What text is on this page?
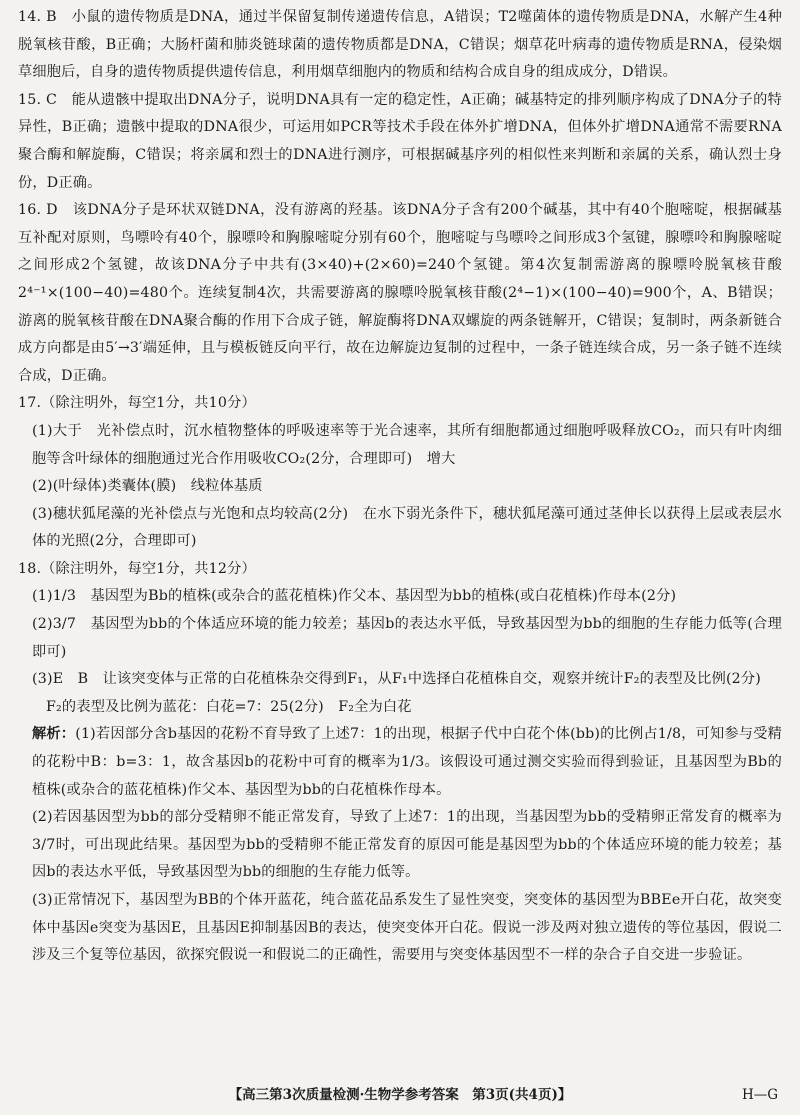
14. B　小鼠的遗传物质是DNA，通过半保留复制传递遗传信息，A错误；T2噬菌体的遗传物质是DNA，水解产生4种脱氧核苷酸，B正确；大肠杆菌和肺炎链球菌的遗传物质都是DNA，C错误；烟草花叶病毒的遗传物质是RNA，侵染烟草细胞后，自身的遗传物质提供遗传信息，利用烟草细胞内的物质和结构合成自身的组成成分，D错误。

15. C　能从遗骸中提取出DNA分子，说明DNA具有一定的稳定性，A正确；碱基特定的排列顺序构成了DNA分子的特异性，B正确；遗骸中提取的DNA很少，可运用如PCR等技术手段在体外扩增DNA，但体外扩增DNA通常不需要RNA聚合酶和解旋酶，C错误；将亲属和烈士的DNA进行测序，可根据碱基序列的相似性来判断和亲属的关系，确认烈士身份，D正确。

16. D　该DNA分子是环状双链DNA，没有游离的羟基。该DNA分子含有200个碱基，其中有40个胞嘧啶，根据碱基互补配对原则，鸟嘌呤有40个，腺嘌呤和胸腺嘧啶分别有60个，胞嘧啶与鸟嘌呤之间形成3个氢键，腺嘌呤和胸腺嘧啶之间形成2个氢键，故该DNA分子中共有(3×40)+(2×60)=240个氢键。第4次复制需游离的腺嘌呤脱氧核苷酸2⁴⁻¹×(100−40)=480个。连续复制4次，共需要游离的腺嘌呤脱氧核苷酸(2⁴−1)×(100−40)=900个，A、B错误；游离的脱氧核苷酸在DNA聚合酶的作用下合成子链，解旋酶将DNA双螺旋的两条链解开，C错误；复制时，两条新链合成方向都是由5′→3′端延伸，且与模板链反向平行，故在边解旋边复制的过程中，一条子链连续合成，另一条子链不连续合成，D正确。

17.（除注明外，每空1分，共10分）

(1)大于　光补偿点时，沉水植物整体的呼吸速率等于光合速率，其所有细胞都通过细胞呼吸释放CO₂，而只有叶肉细胞等含叶绿体的细胞通过光合作用吸收CO₂(2分，合理即可)　增大

(2)(叶绿体)类囊体(膜)　线粒体基质

(3)穗状狐尾藻的光补偿点与光饱和点均较高(2分)　在水下弱光条件下，穗状狐尾藻可通过茎伸长以获得上层或表层水体的光照(2分，合理即可)

18.（除注明外，每空1分，共12分）

(1)1/3　基因型为Bb的植株(或杂合的蓝花植株)作父本、基因型为bb的植株(或白花植株)作母本(2分)

(2)3/7　基因型为bb的个体适应环境的能力较差；基因b的表达水平低，导致基因型为bb的细胞的生存能力低等(合理即可)

(3)E　B　让该突变体与正常的白花植株杂交得到F₁，从F₁中选择白花植株自交，观察并统计F₂的表型及比例(2分)

F₂的表型及比例为蓝花：白花=7：25(2分)　F₂全为白花

解析：(1)若因部分含b基因的花粉不育导致了上述7：1的出现，根据子代中白花个体(bb)的比例占1/8，可知参与受精的花粉中B：b=3：1，故含基因b的花粉中可育的概率为1/3。该假设可通过测交实验而得到验证，且基因型为Bb的植株(或杂合的蓝花植株)作父本、基因型为bb的白花植株作母本。

(2)若因基因型为bb的部分受精卵不能正常发育，导致了上述7：1的出现，当基因型为bb的受精卵正常发育的概率为3/7时，可出现此结果。基因型为bb的受精卵不能正常发育的原因可能是基因型为bb的个体适应环境的能力较差；基因b的表达水平低，导致基因型为bb的细胞的生存能力低等。

(3)正常情况下，基因型为BB的个体开蓝花，纯合蓝花品系发生了显性突变，突变体的基因型为BBEe开白花，故突变体中基因e突变为基因E，且基因E抑制基因B的表达，使突变体开白花。假说一涉及两对独立遗传的等位基因，假说二涉及三个复等位基因，欲探究假说一和假说二的正确性，需要用与突变体基因型不一样的杂合子自交进一步验证。

【高三第3次质量检测·生物学参考答案　第3页(共4页)】	H—G
